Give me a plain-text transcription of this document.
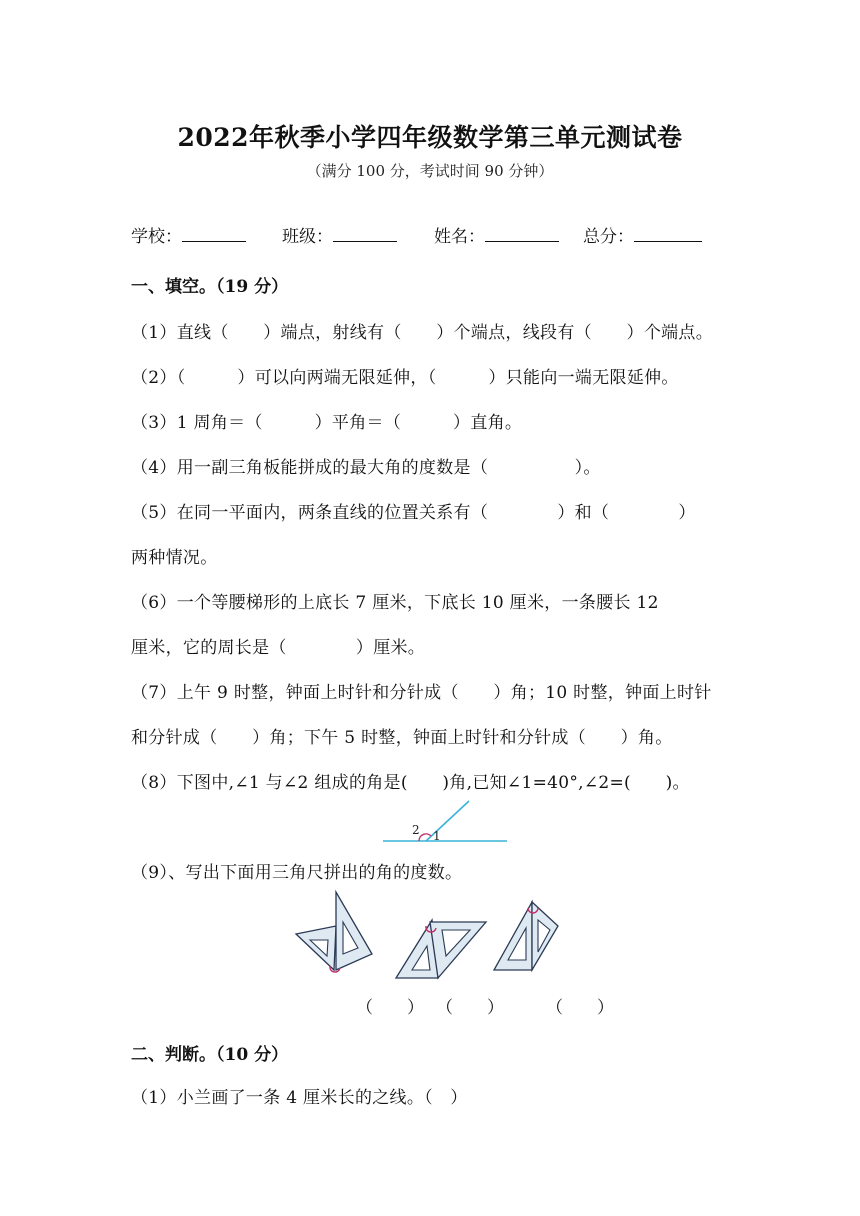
2022年秋季小学四年级数学第三单元测试卷
（满分 100 分，考试时间 90 分钟）
学校：	班级：	姓名：	总分：
一、填空。（19 分）
（1）直线（　　）端点，射线有（　　）个端点，线段有（　　）个端点。
（2）（　　　）可以向两端无限延伸，（　　　）只能向一端无限延伸。
（3）1 周角＝（　　　）平角＝（　　　）直角。
（4）用一副三角板能拼成的最大角的度数是（　　　　　）。
（5）在同一平面内，两条直线的位置关系有（　　　　）和（　　　　）
两种情况。
（6）一个等腰梯形的上底长 7 厘米，下底长 10 厘米，一条腰长 12
厘米，它的周长是（　　　　）厘米。
（7）上午 9 时整，钟面上时针和分针成（　　）角；10 时整，钟面上时针
和分针成（　　）角；下午 5 时整，钟面上时针和分针成（　　）角。
（8）下图中,∠1 与∠2 组成的角是(　　)角,已知∠1=40°,∠2=(　　)。
2 1
（9）、写出下面用三角尺拼出的角的度数。
（　　） （　　） （　　）
二、判断。（10 分）
（1）小兰画了一条 4 厘米长的之线。（　）
